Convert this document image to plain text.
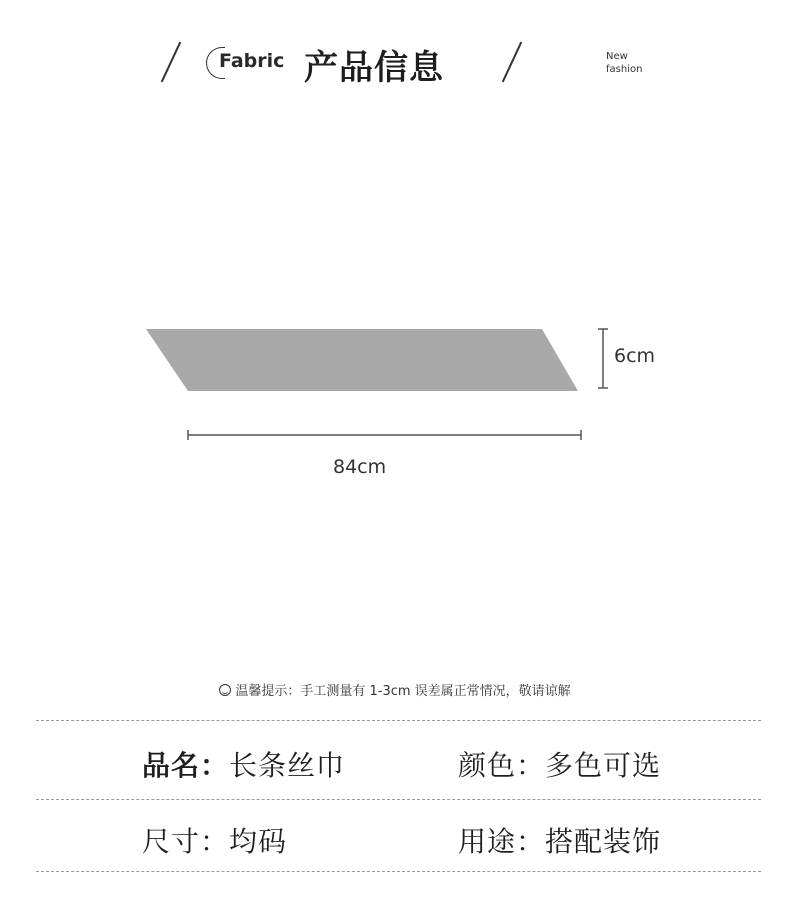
Fabric 产品信息	New
fashion
6cm
84cm
温馨提示：手工测量有 1-3cm 误差属正常情况，敬请谅解
品名：长条丝巾	颜色：多色可选
尺寸：均码	用途：搭配装饰
